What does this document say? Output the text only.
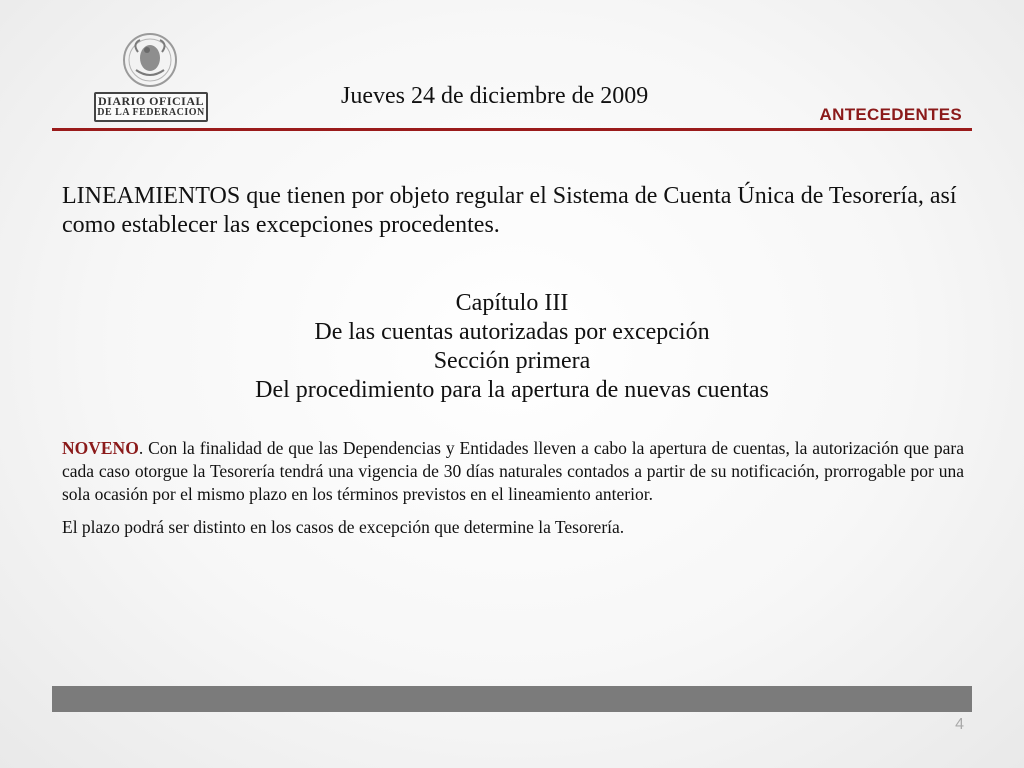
DIARIO OFICIAL
DE LA FEDERACION
Jueves 24 de diciembre de 2009
ANTECEDENTES
LINEAMIENTOS que tienen por objeto regular el Sistema de Cuenta Única de Tesorería, así como establecer las excepciones procedentes.
Capítulo III
De las cuentas autorizadas por excepción
Sección primera
Del procedimiento para la apertura de nuevas cuentas

NOVENO. Con la finalidad de que las Dependencias y Entidades lleven a cabo la apertura de cuentas, la autorización que para cada caso otorgue la Tesorería tendrá una vigencia de 30 días naturales contados a partir de su notificación, prorrogable por una sola ocasión por el mismo plazo en los términos previstos en el lineamiento anterior.

El plazo podrá ser distinto en los casos de excepción que determine la Tesorería.

4
